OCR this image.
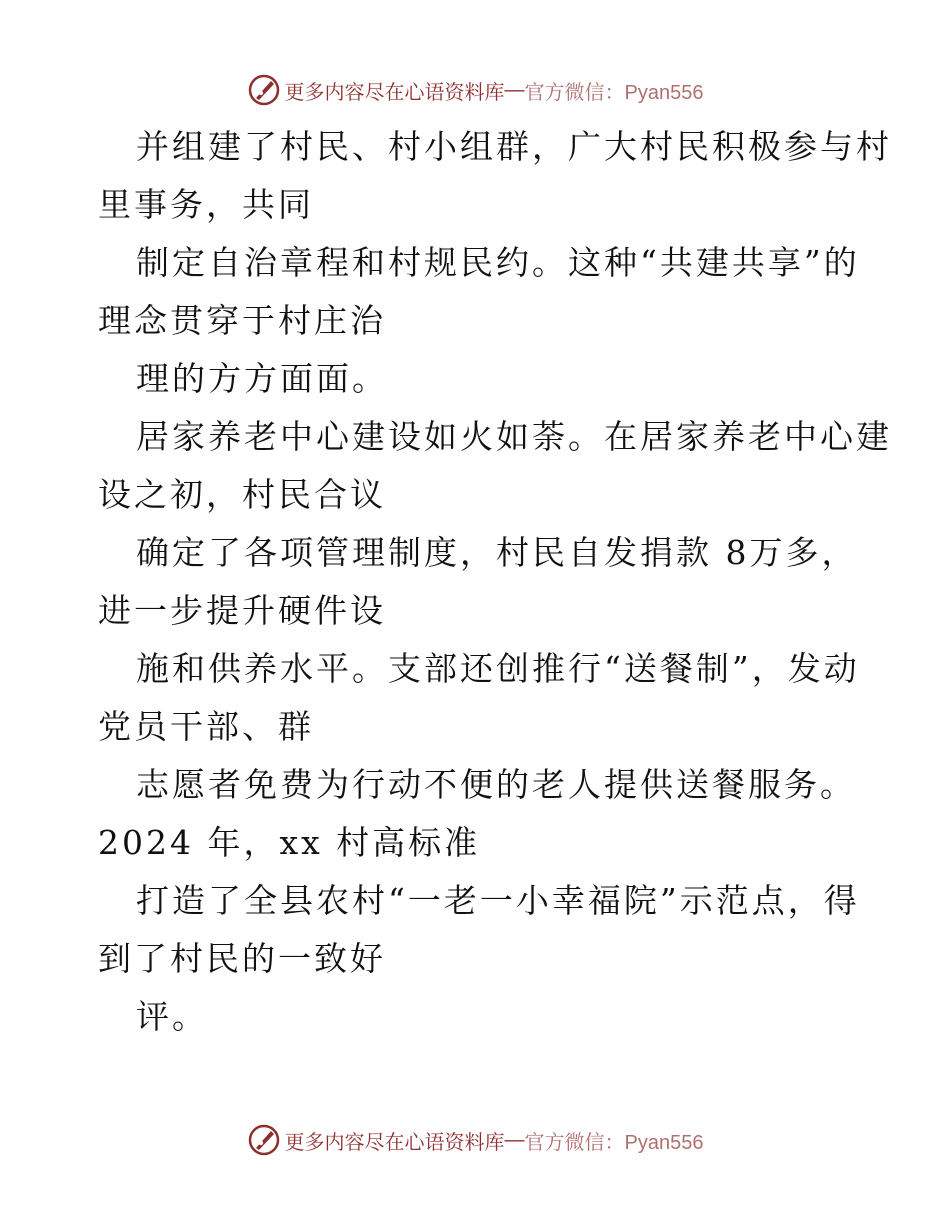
更多内容尽在心语资料库 — 官方微信：Pyan556
并组建了村民、村小组群，广大村民积极参与村
里事务，共同
制定自治章程和村规民约。这种“共建共享”的
理念贯穿于村庄治
理的方方面面。
居家养老中心建设如火如荼。在居家养老中心建
设之初，村民合议
确定了各项管理制度，村民自发捐款 8万多，
进一步提升硬件设
施和供养水平。支部还创推行“送餐制”，发动
党员干部、群
志愿者免费为行动不便的老人提供送餐服务。
2024 年，xx 村高标准
打造了全县农村“一老一小幸福院”示范点，得
到了村民的一致好
评。
更多内容尽在心语资料库 — 官方微信：Pyan556
